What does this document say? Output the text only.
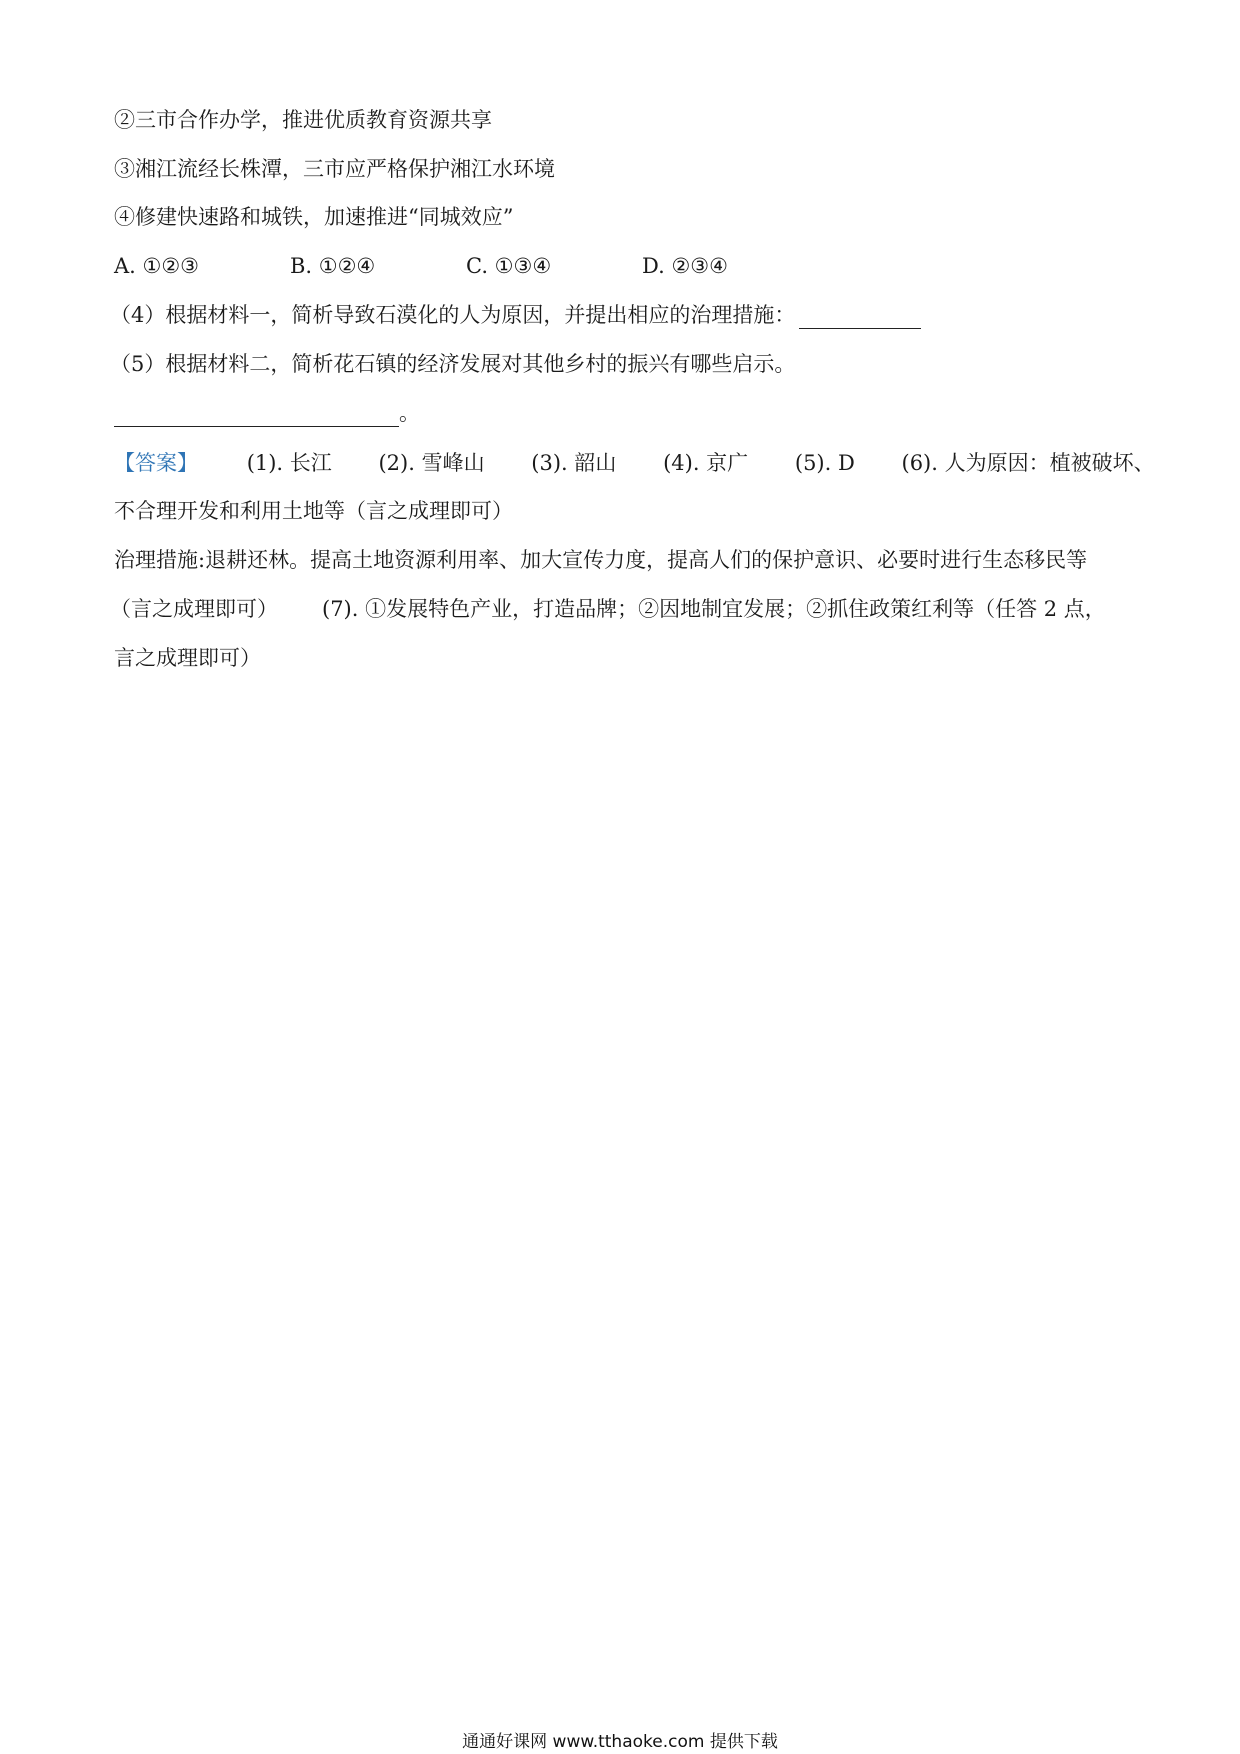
②三市合作办学，推进优质教育资源共享
③湘江流经长株潭，三市应严格保护湘江水环境
④修建快速路和城铁，加速推进“同城效应”
A. ①②③	B. ①②④	C. ①③④	D. ②③④
（4）根据材料一，简析导致石漠化的人为原因，并提出相应的治理措施：
（5）根据材料二，简析花石镇的经济发展对其他乡村的振兴有哪些启示。
。
【答案】 (1). 长江 (2). 雪峰山 (3). 韶山 (4). 京广 (5). D (6). 人为原因：植被破坏、
不合理开发和利用土地等（言之成理即可）
治理措施:退耕还林。提高土地资源利用率、加大宣传力度，提高人们的保护意识、必要时进行生态移民等
（言之成理即可） (7). ①发展特色产业，打造品牌；②因地制宜发展；②抓住政策红利等（任答 2 点，
言之成理即可）
通通好课网 www.tthaoke.com 提供下载
